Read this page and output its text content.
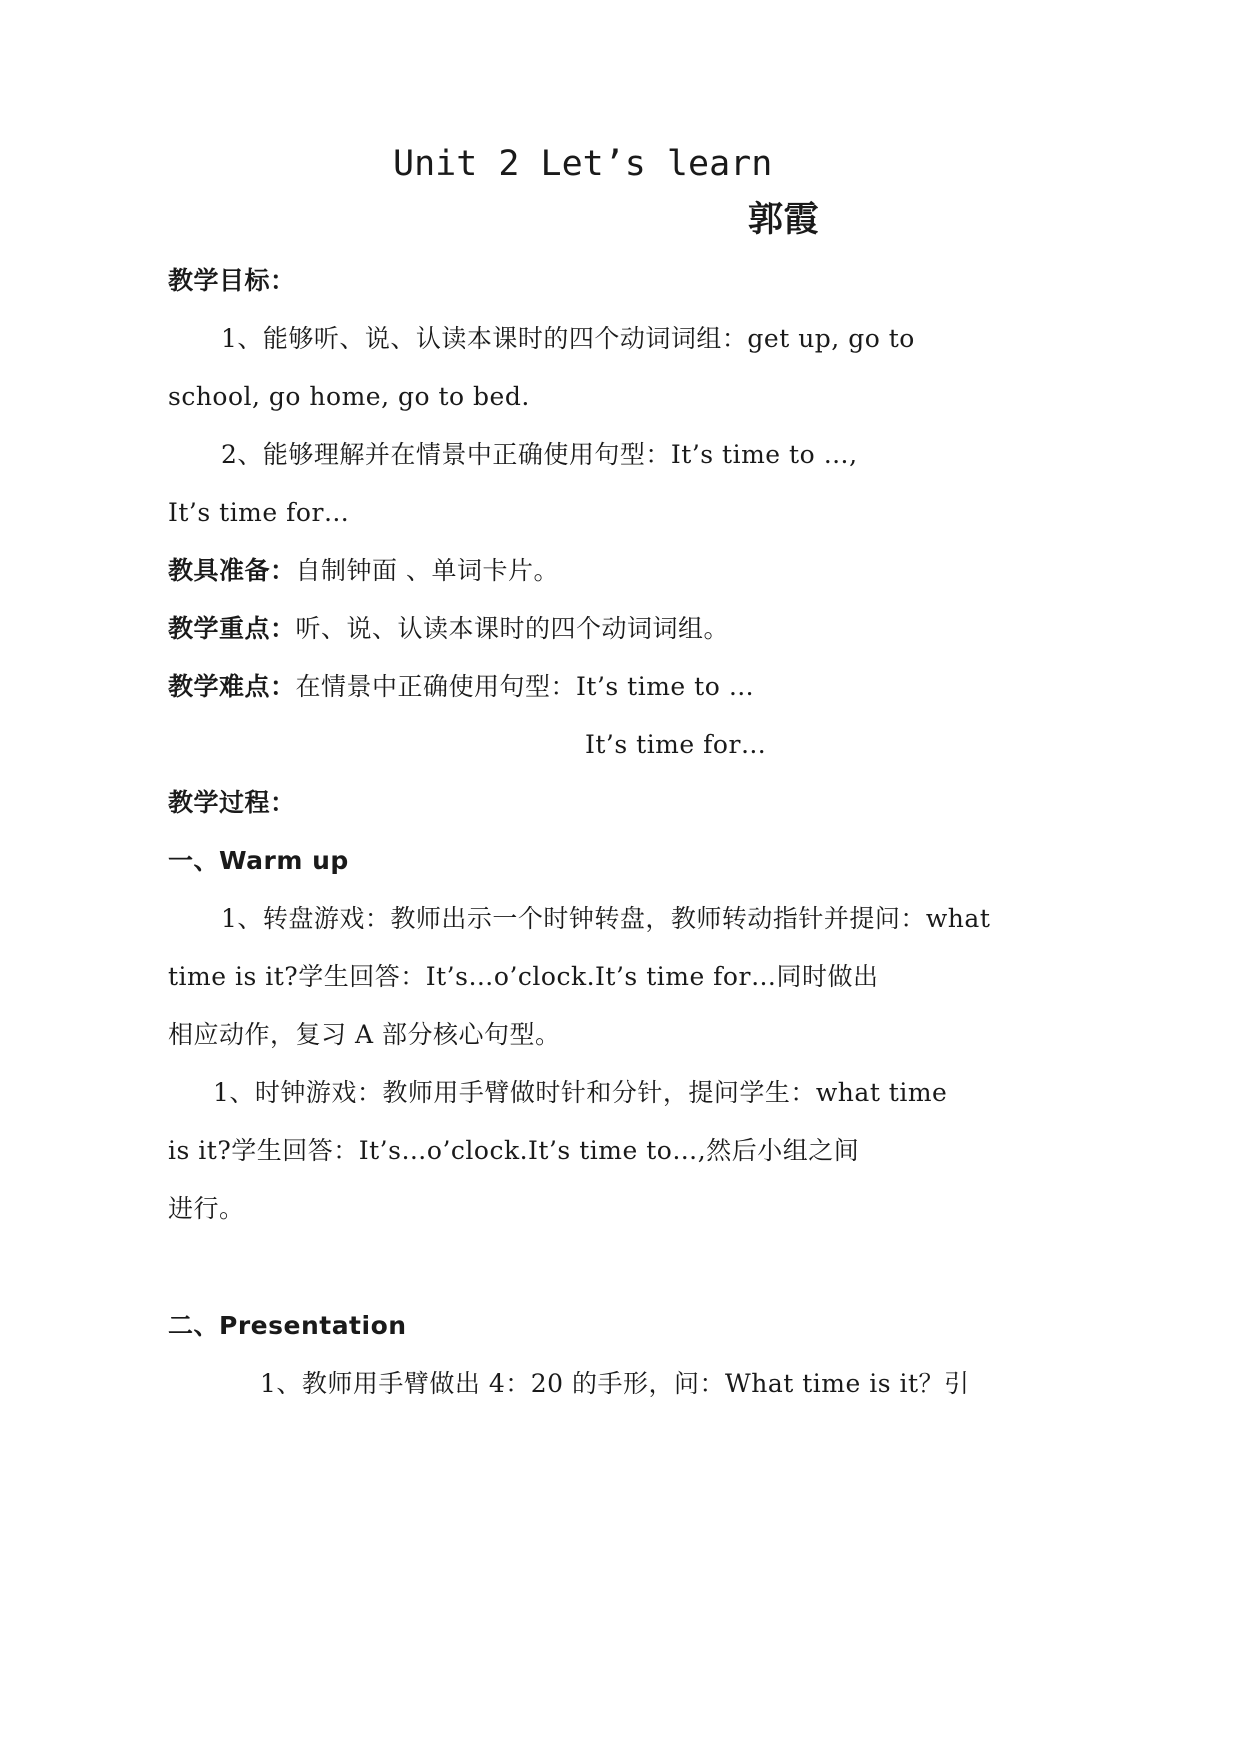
Unit 2 Let’s learn
郭霞
教学目标：
1、能够听、说、认读本课时的四个动词词组：get up, go to
school, go home, go to bed.
2、能够理解并在情景中正确使用句型：It’s time to …,
It’s time for…
教具准备：自制钟面 、单词卡片。
教学重点：听、说、认读本课时的四个动词词组。
教学难点：在情景中正确使用句型：It’s time to …
It’s time for…
教学过程：
一、Warm up
1、转盘游戏：教师出示一个时钟转盘，教师转动指针并提问：what
time is it?学生回答：It’s…o’clock.It’s time for…同时做出
相应动作，复习 A 部分核心句型。
1、时钟游戏：教师用手臂做时针和分针，提问学生：what time
is it?学生回答：It’s…o’clock.It’s time to…,然后小组之间
进行。
二、Presentation
1、教师用手臂做出 4：20 的手形，问：What time is it？引
